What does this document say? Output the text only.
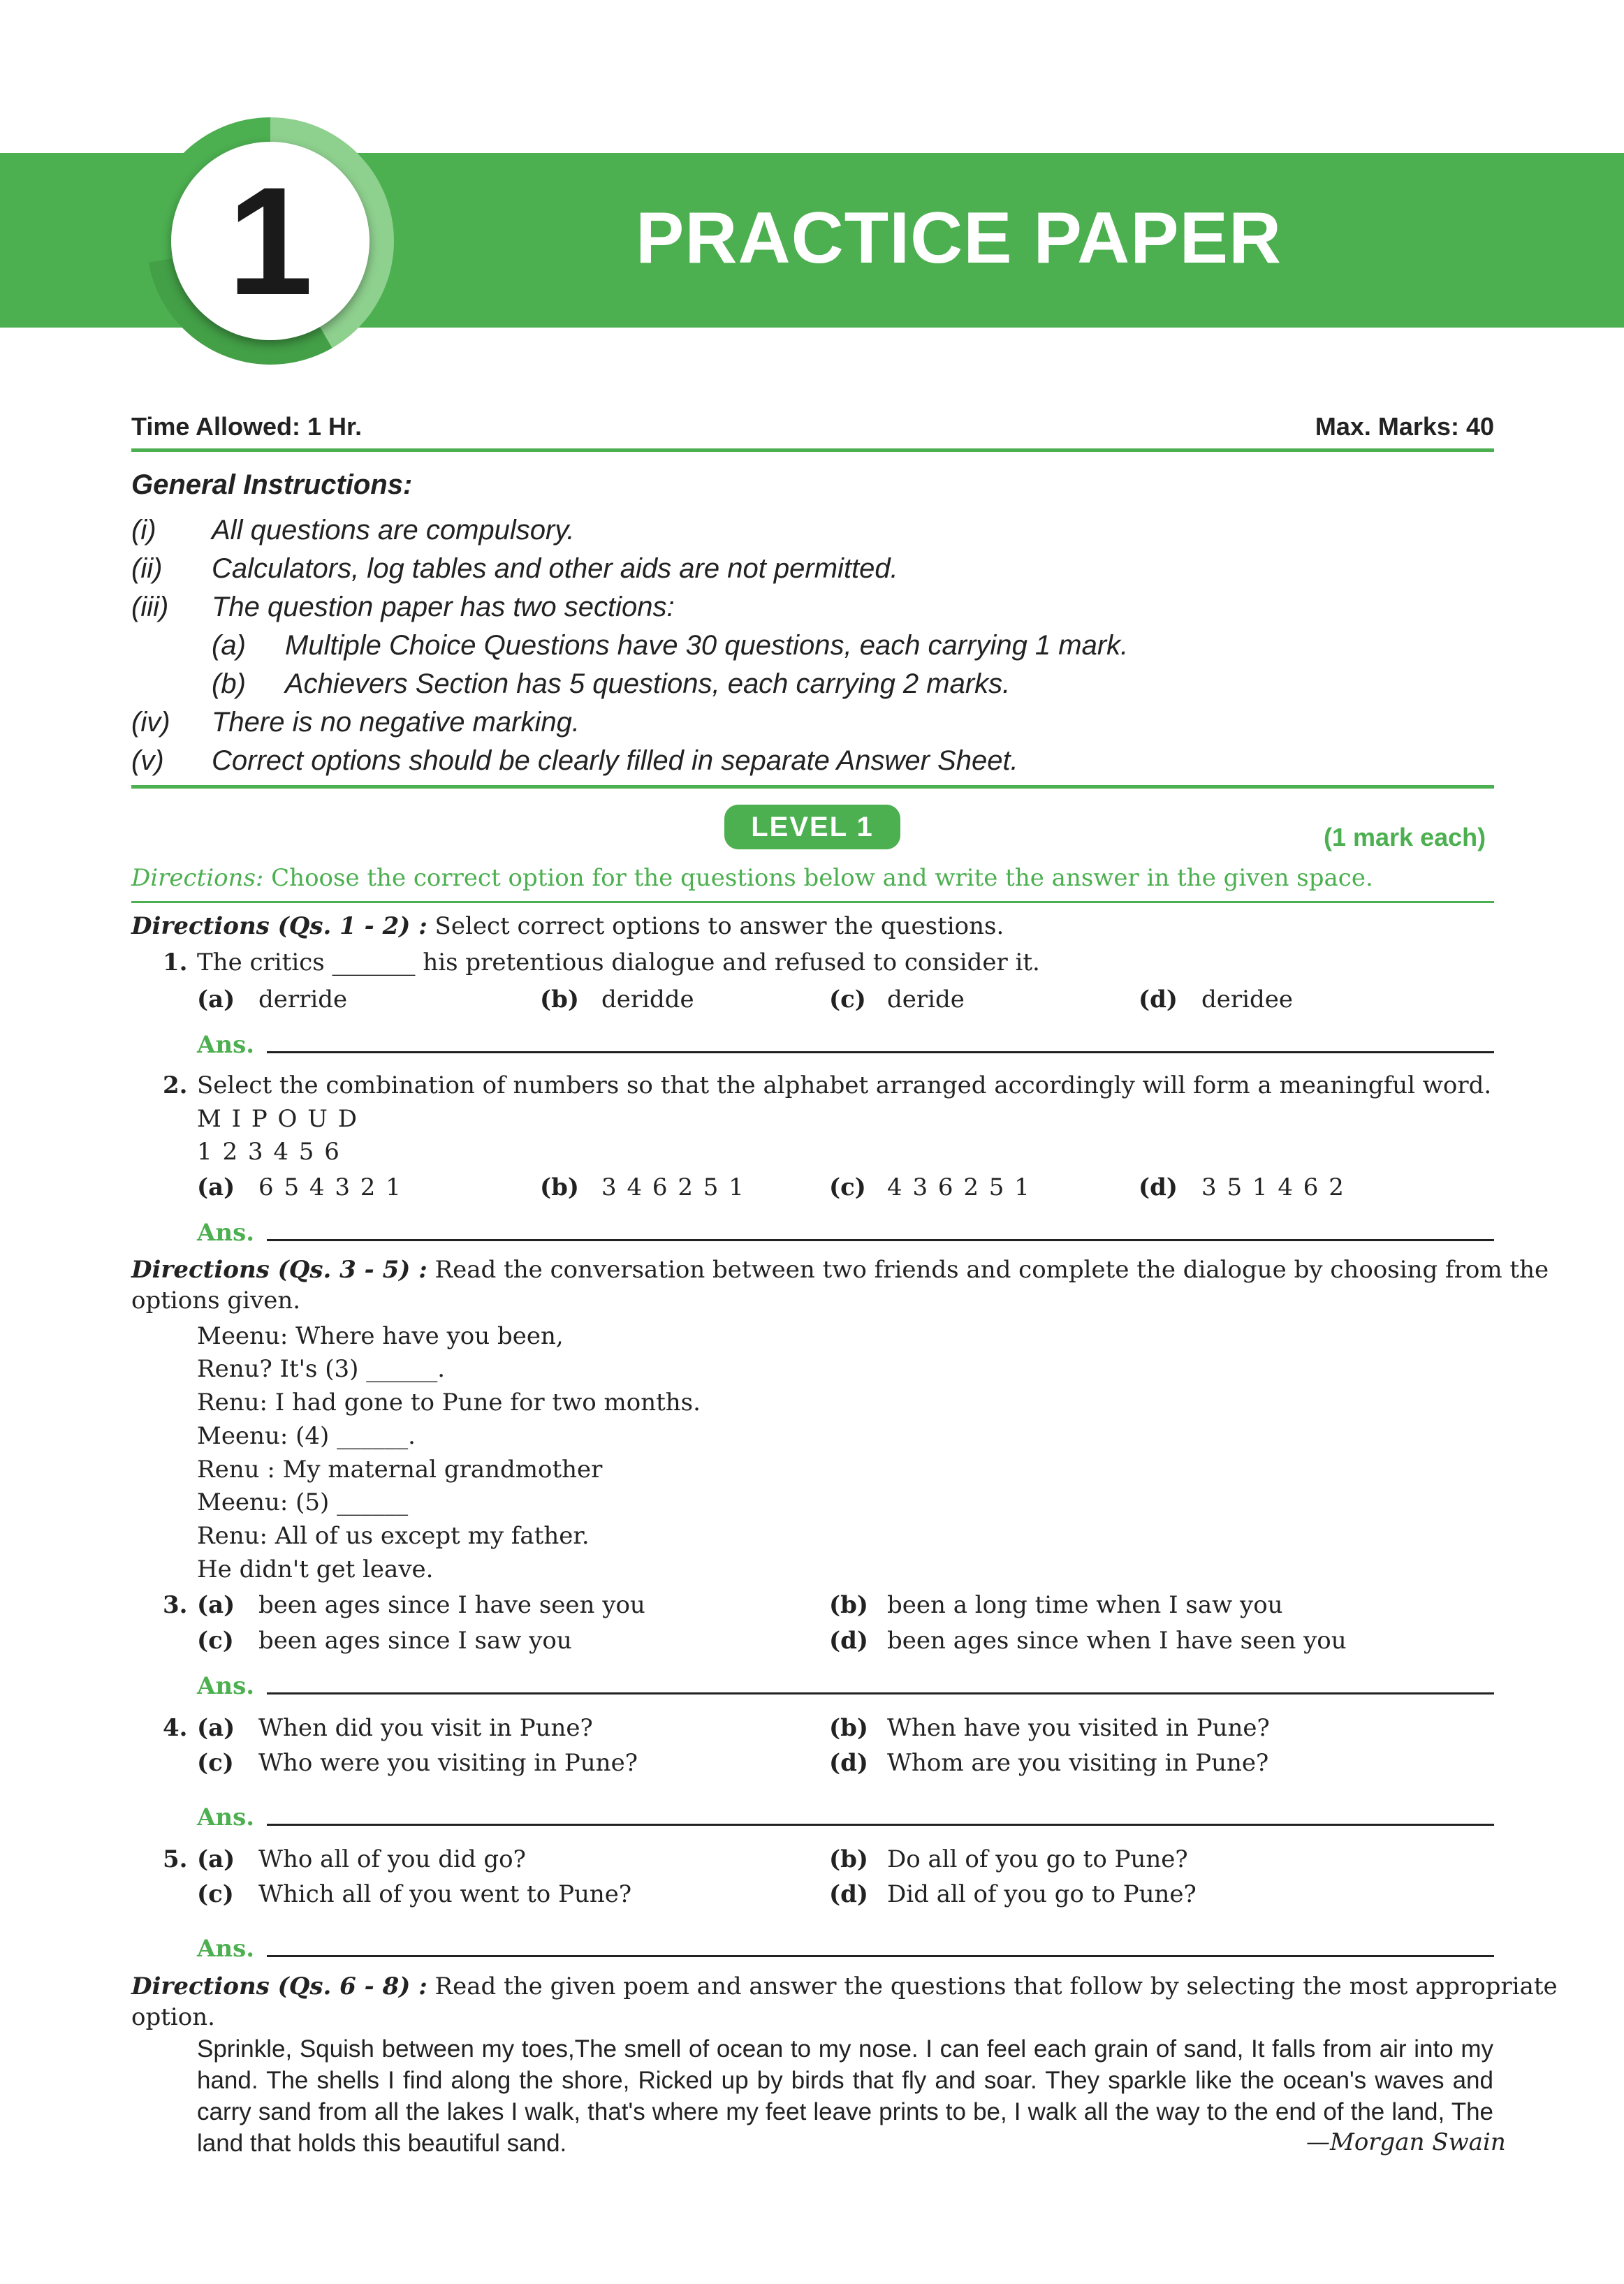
1	PRACTICE PAPER
Time Allowed: 1 Hr.	Max. Marks: 40
General Instructions:
(i) All questions are compulsory.
(ii) Calculators, log tables and other aids are not permitted.
(iii) The question paper has two sections:
(a) Multiple Choice Questions have 30 questions, each carrying 1 mark.
(b) Achievers Section has 5 questions, each carrying 2 marks.
(iv) There is no negative marking.
(v) Correct options should be clearly filled in separate Answer Sheet.
LEVEL 1	(1 mark each)
Directions: Choose the correct option for the questions below and write the answer in the given space.
Directions (Qs. 1 - 2) : Select correct options to answer the questions.
1. The critics _______ his pretentious dialogue and refused to consider it.
(a) derride	(b) deridde	(c) deride	(d) deridee
Ans.
2. Select the combination of numbers so that the alphabet arranged accordingly will form a meaningful word.
M I P O U D
1 2 3 4 5 6
(a) 6 5 4 3 2 1	(b) 3 4 6 2 5 1	(c) 4 3 6 2 5 1	(d) 3 5 1 4 6 2
Ans.
Directions (Qs. 3 - 5) : Read the conversation between two friends and complete the dialogue by choosing from the
options given.
Meenu: Where have you been,
Renu? It's (3) ______.
Renu: I had gone to Pune for two months.
Meenu: (4) ______.
Renu : My maternal grandmother
Meenu: (5) ______
Renu: All of us except my father.
He didn't get leave.
3. (a) been ages since I have seen you	(b) been a long time when I saw you
(c) been ages since I saw you	(d) been ages since when I have seen you
Ans.
4. (a) When did you visit in Pune?	(b) When have you visited in Pune?
(c) Who were you visiting in Pune?	(d) Whom are you visiting in Pune?
Ans.
5. (a) Who all of you did go?	(b) Do all of you go to Pune?
(c) Which all of you went to Pune?	(d) Did all of you go to Pune?
Ans.
Directions (Qs. 6 - 8) : Read the given poem and answer the questions that follow by selecting the most appropriate
option.
Sprinkle, Squish between my toes,The smell of ocean to my nose. I can feel each grain of sand, It falls from air into my hand. The shells I find along the shore, Ricked up by birds that fly and soar. They sparkle like the ocean's waves and carry sand from all the lakes I walk, that's where my feet leave prints to be, I walk all the way to the end of the land, The land that holds this beautiful sand.	—Morgan Swain
